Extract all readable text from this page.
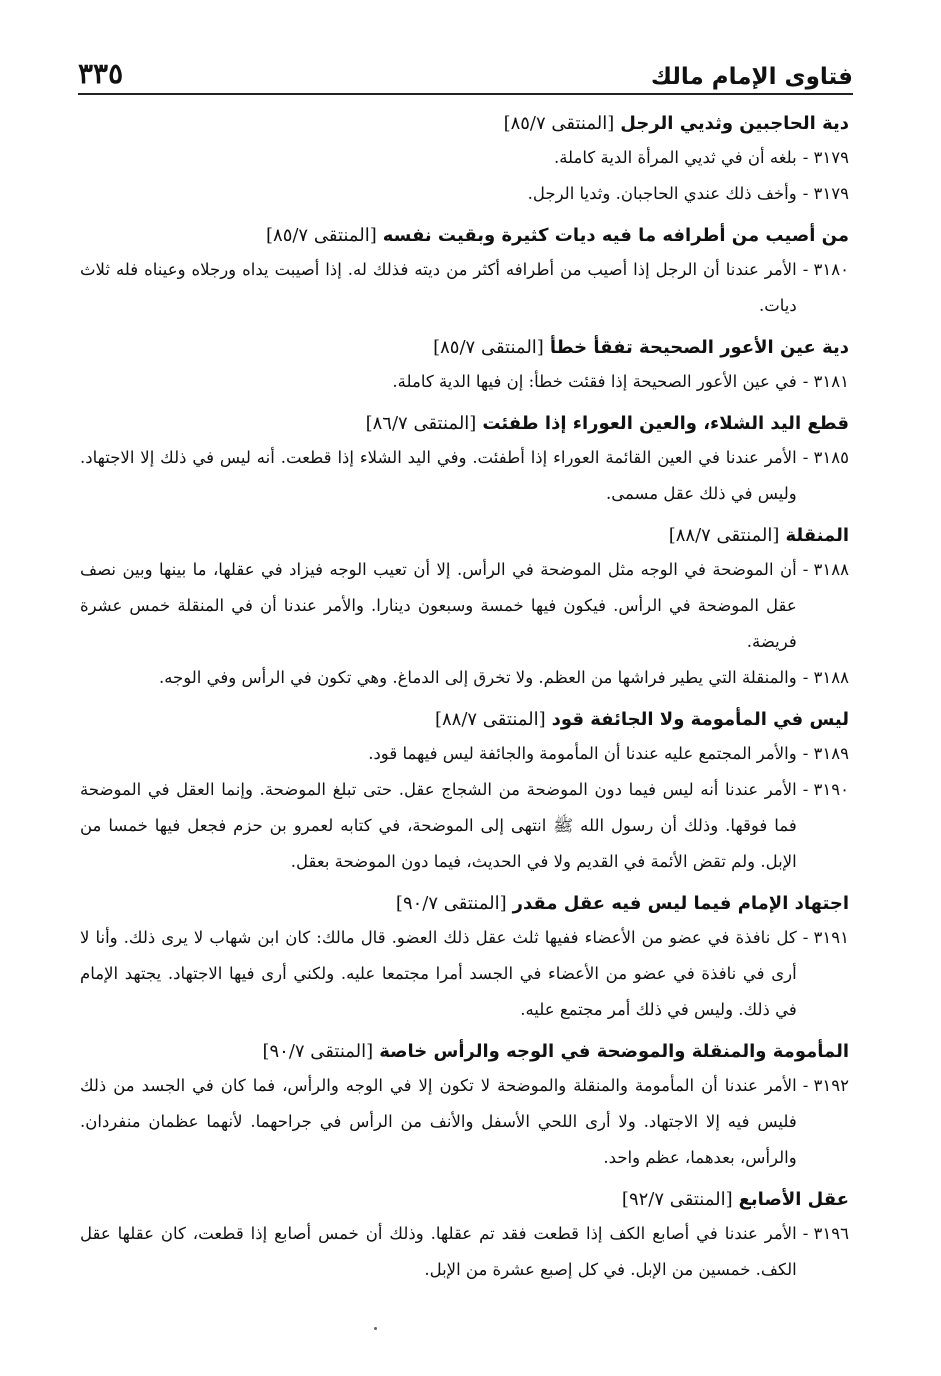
فتاوى الإمام مالك
٣٣٥
دية الحاجبين وثديي الرجل[المنتقى ٨٥/٧]
٣١٧٩ -
بلغه أن في ثديي المرأة الدية كاملة.
٣١٧٩ -
وأخف ذلك عندي الحاجبان. وثديا الرجل.
من أصيب من أطرافه ما فيه ديات كثيرة وبقيت نفسه[المنتقى ٨٥/٧]
٣١٨٠ -
الأمر عندنا أن الرجل إذا أصيب من أطرافه أكثر من ديته فذلك له. إذا أصيبت يداه ورجلاه وعيناه فله ثلاث ديات.
دية عين الأعور الصحيحة تفقأ خطأ[المنتقى ٨٥/٧]
٣١٨١ -
في عين الأعور الصحيحة إذا فقئت خطأ: إن فيها الدية كاملة.
قطع اليد الشلاء، والعين العوراء إذا طفئت[المنتقى ٨٦/٧]
٣١٨٥ -
الأمر عندنا في العين القائمة العوراء إذا أطفئت. وفي اليد الشلاء إذا قطعت. أنه ليس في ذلك إلا الاجتهاد. وليس في ذلك عقل مسمى.
المنقلة[المنتقى ٨٨/٧]
٣١٨٨ -
أن الموضحة في الوجه مثل الموضحة في الرأس. إلا أن تعيب الوجه فيزاد في عقلها، ما بينها وبين نصف عقل الموضحة في الرأس. فيكون فيها خمسة وسبعون دينارا. والأمر عندنا أن في المنقلة خمس عشرة فريضة.
٣١٨٨ -
والمنقلة التي يطير فراشها من العظم. ولا تخرق إلى الدماغ. وهي تكون في الرأس وفي الوجه.
ليس في المأمومة ولا الجائفة قود[المنتقى ٨٨/٧]
٣١٨٩ -
والأمر المجتمع عليه عندنا أن المأمومة والجائفة ليس فيهما قود.
٣١٩٠ -
الأمر عندنا أنه ليس فيما دون الموضحة من الشجاج عقل. حتى تبلغ الموضحة. وإنما العقل في الموضحة فما فوقها. وذلك أن رسول الله ﷺ انتهى إلى الموضحة، في كتابه لعمرو بن حزم فجعل فيها خمسا من الإبل. ولم تقض الأئمة في القديم ولا في الحديث، فيما دون الموضحة بعقل.
اجتهاد الإمام فيما ليس فيه عقل مقدر[المنتقى ٩٠/٧]
٣١٩١ -
كل نافذة في عضو من الأعضاء ففيها ثلث عقل ذلك العضو. قال مالك: كان ابن شهاب لا يرى ذلك. وأنا لا أرى في نافذة في عضو من الأعضاء في الجسد أمرا مجتمعا عليه. ولكني أرى فيها الاجتهاد. يجتهد الإمام في ذلك. وليس في ذلك أمر مجتمع عليه.
المأمومة والمنقلة والموضحة في الوجه والرأس خاصة[المنتقى ٩٠/٧]
٣١٩٢ -
الأمر عندنا أن المأمومة والمنقلة والموضحة لا تكون إلا في الوجه والرأس، فما كان في الجسد من ذلك فليس فيه إلا الاجتهاد. ولا أرى اللحي الأسفل والأنف من الرأس في جراحهما. لأنهما عظمان منفردان. والرأس، بعدهما، عظم واحد.
عقل الأصابع[المنتقى ٩٢/٧]
٣١٩٦ -
الأمر عندنا في أصابع الكف إذا قطعت فقد تم عقلها. وذلك أن خمس أصابع إذا قطعت، كان عقلها عقل الكف. خمسين من الإبل. في كل إصبع عشرة من الإبل.
